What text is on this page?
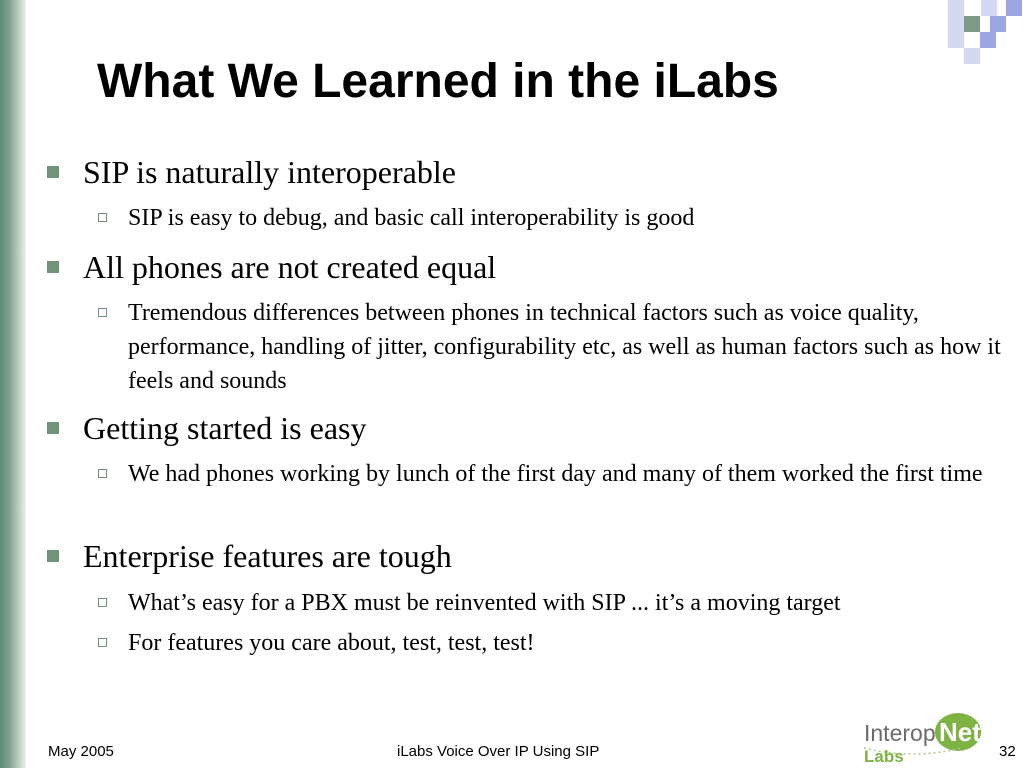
What We Learned in the iLabs
SIP is naturally interoperable
SIP is easy to debug, and basic call interoperability is good
All phones are not created equal
Tremendous differences between phones in technical factors such as voice quality, performance, handling of jitter, configurability etc, as well as human factors such as how it feels and sounds
Getting started is easy
We had phones working by lunch of the first day and many of them worked the first time
Enterprise features are tough
What’s easy for a PBX must be reinvented with SIP ... it’s a moving target
For features you care about, test, test, test!
May 2005	iLabs Voice Over IP Using SIP	32
Interop Net
Labs
